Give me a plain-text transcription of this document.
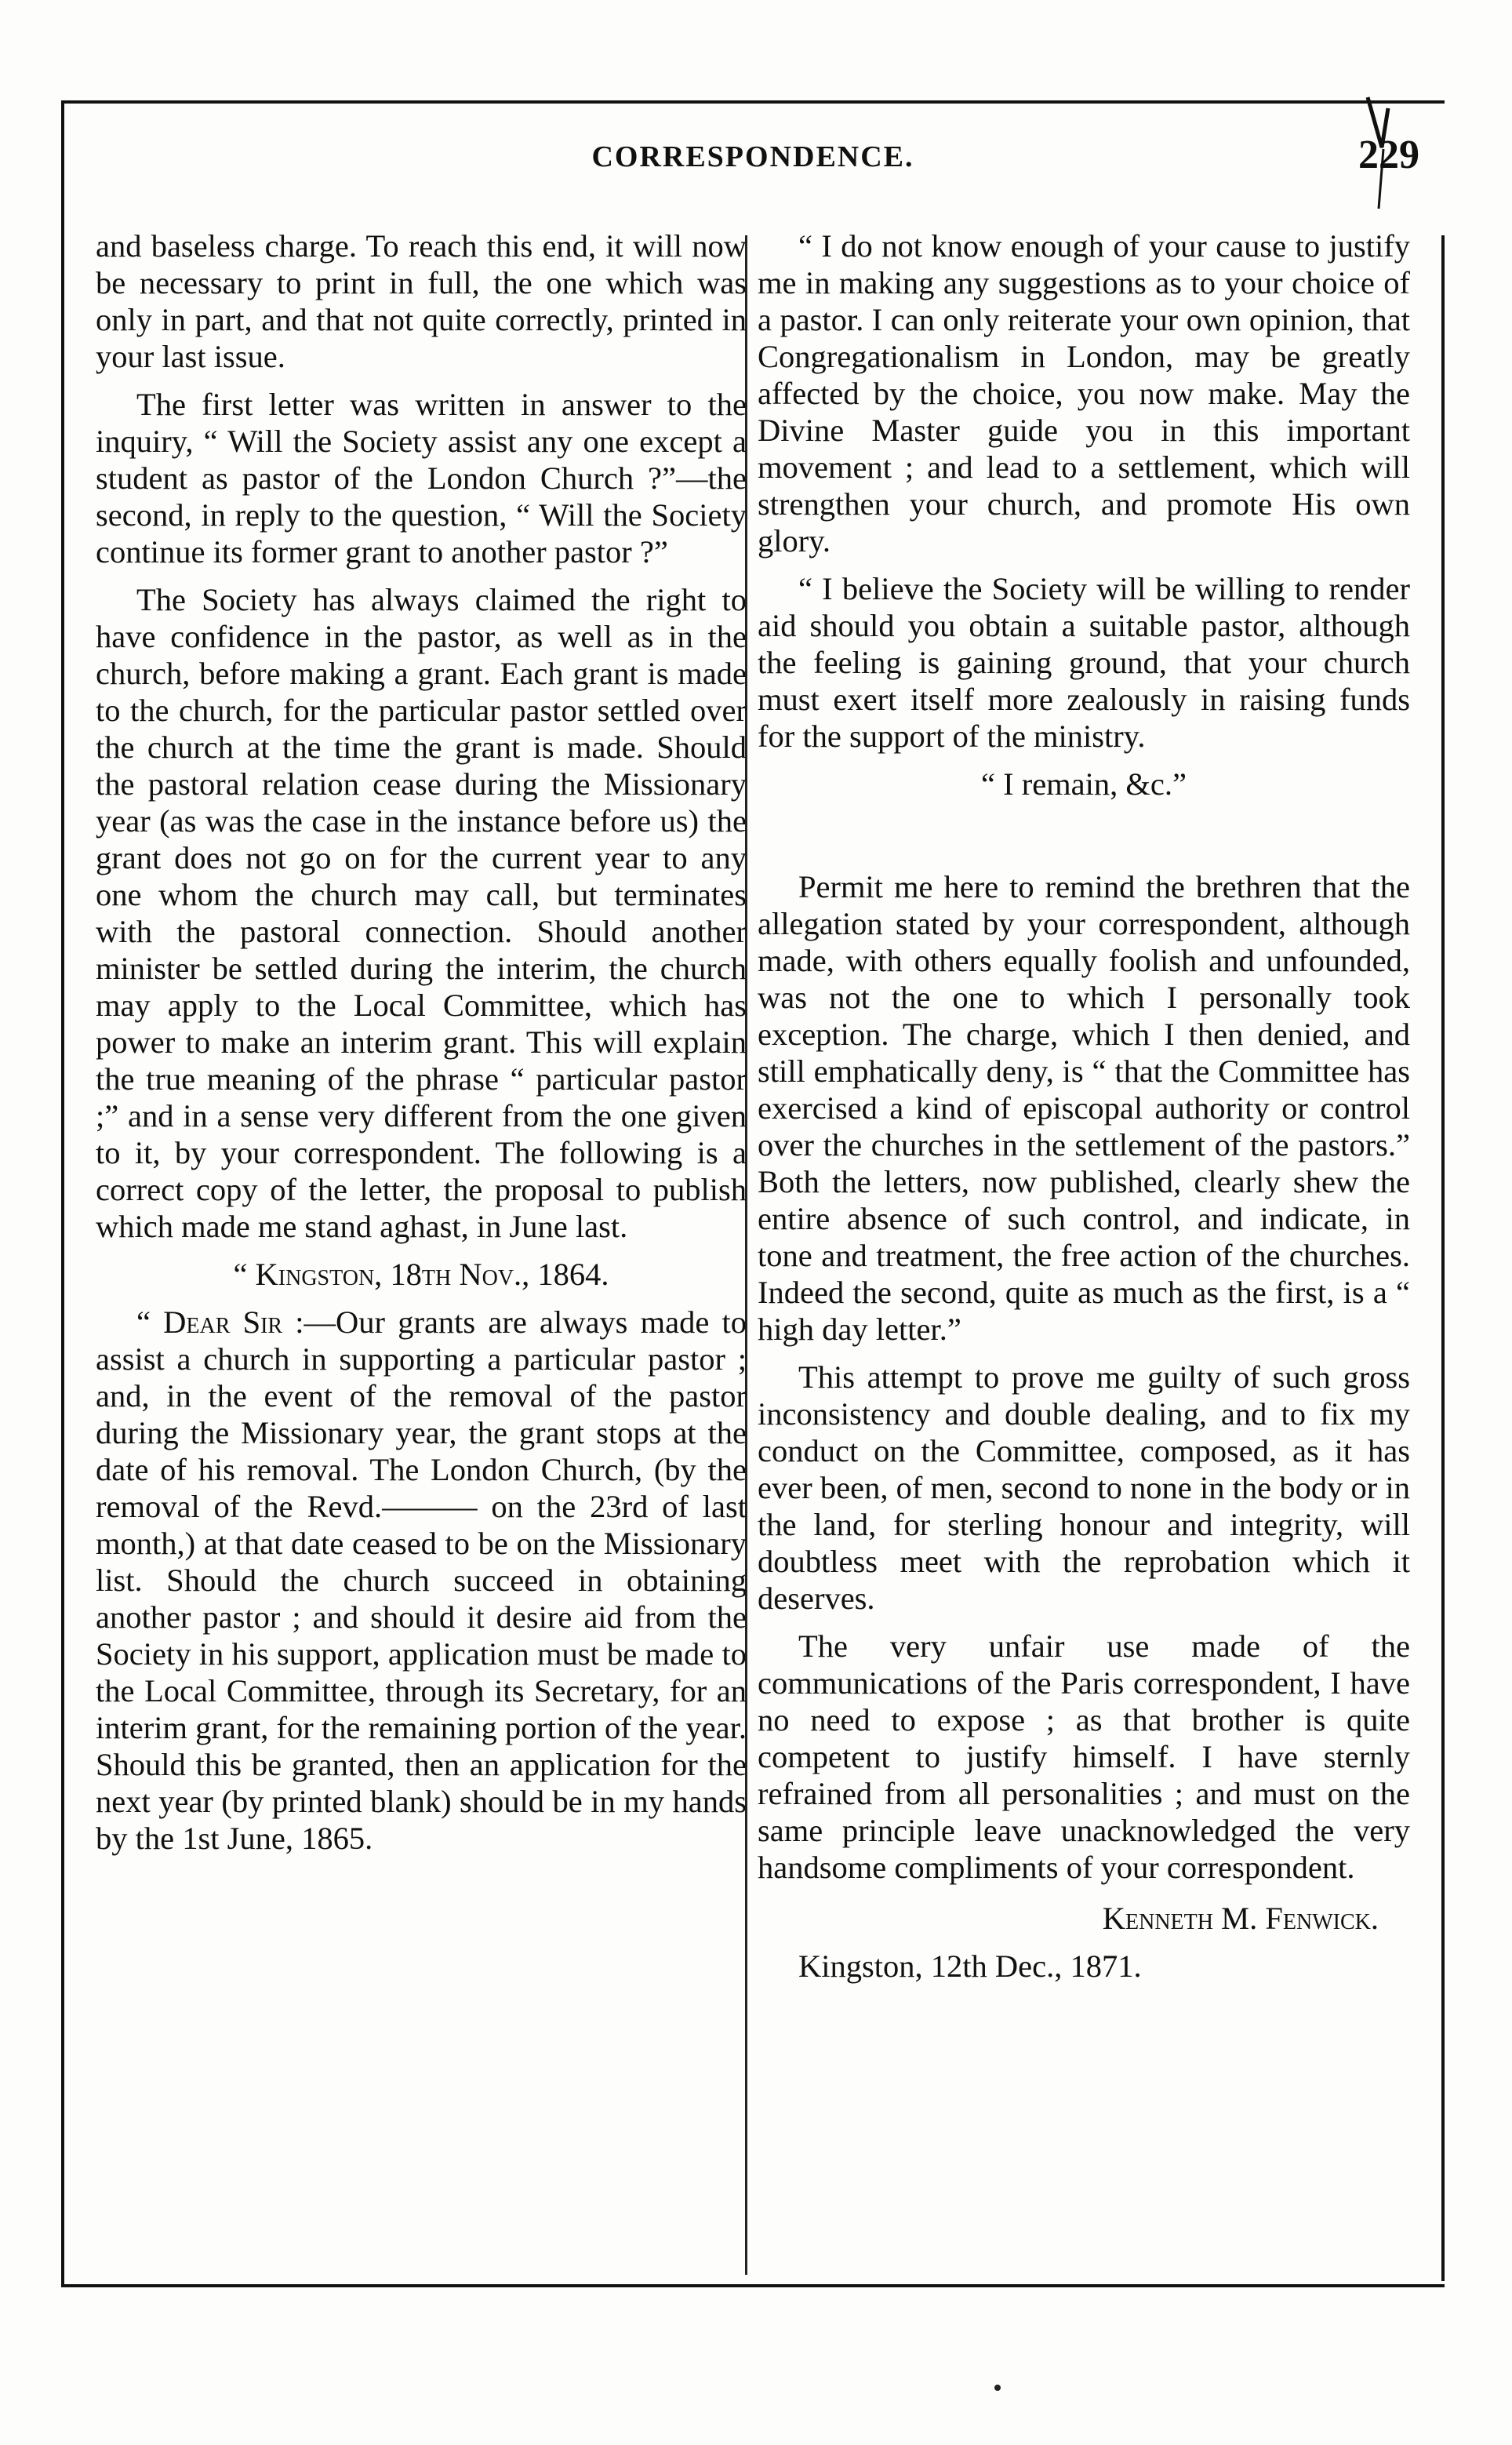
CORRESPONDENCE.	229

and baseless charge. To reach this end, it will now be necessary to print in full, the one which was only in part, and that not quite correctly, printed in your last issue.

The first letter was written in answer to the inquiry, “ Will the Society assist any one except a student as pastor of the London Church ?”—the second, in reply to the question, “ Will the Society continue its former grant to another pastor ?”

The Society has always claimed the right to have confidence in the pastor, as well as in the church, before making a grant. Each grant is made to the church, for the particular pastor settled over the church at the time the grant is made. Should the pastoral relation cease during the Missionary year (as was the case in the instance before us) the grant does not go on for the current year to any one whom the church may call, but terminates with the pastoral connection. Should another minister be settled during the interim, the church may apply to the Local Committee, which has power to make an interim grant. This will explain the true meaning of the phrase “ particular pastor ;” and in a sense very different from the one given to it, by your correspondent. The following is a correct copy of the letter, the proposal to publish which made me stand aghast, in June last.

“ Kingston, 18th Nov., 1864.

“ Dear Sir :—Our grants are always made to assist a church in supporting a particular pastor ; and, in the event of the removal of the pastor during the Missionary year, the grant stops at the date of his removal. The London Church, (by the removal of the Revd.——— on the 23rd of last month,) at that date ceased to be on the Missionary list. Should the church succeed in obtaining another pastor ; and should it desire aid from the Society in his support, application must be made to the Local Committee, through its Secretary, for an interim grant, for the remaining portion of the year. Should this be granted, then an application for the next year (by printed blank) should be in my hands by the 1st June, 1865.

“ I do not know enough of your cause to justify me in making any suggestions as to your choice of a pastor. I can only reiterate your own opinion, that Congregationalism in London, may be greatly affected by the choice, you now make. May the Divine Master guide you in this important movement ; and lead to a settlement, which will strengthen your church, and promote His own glory.

“ I believe the Society will be willing to render aid should you obtain a suitable pastor, although the feeling is gaining ground, that your church must exert itself more zealously in raising funds for the support of the ministry.

“ I remain, &c.”

Permit me here to remind the brethren that the allegation stated by your correspondent, although made, with others equally foolish and unfounded, was not the one to which I personally took exception. The charge, which I then denied, and still emphatically deny, is “ that the Committee has exercised a kind of episcopal authority or control over the churches in the settlement of the pastors.” Both the letters, now published, clearly shew the entire absence of such control, and indicate, in tone and treatment, the free action of the churches. Indeed the second, quite as much as the first, is a “ high day letter.”

This attempt to prove me guilty of such gross inconsistency and double dealing, and to fix my conduct on the Committee, composed, as it has ever been, of men, second to none in the body or in the land, for sterling honour and integrity, will doubtless meet with the reprobation which it deserves.

The very unfair use made of the communications of the Paris correspondent, I have no need to expose ; as that brother is quite competent to justify himself. I have sternly refrained from all personalities ; and must on the same principle leave unacknowledged the very handsome compliments of your correspondent.

Kenneth M. Fenwick.

Kingston, 12th Dec., 1871.
